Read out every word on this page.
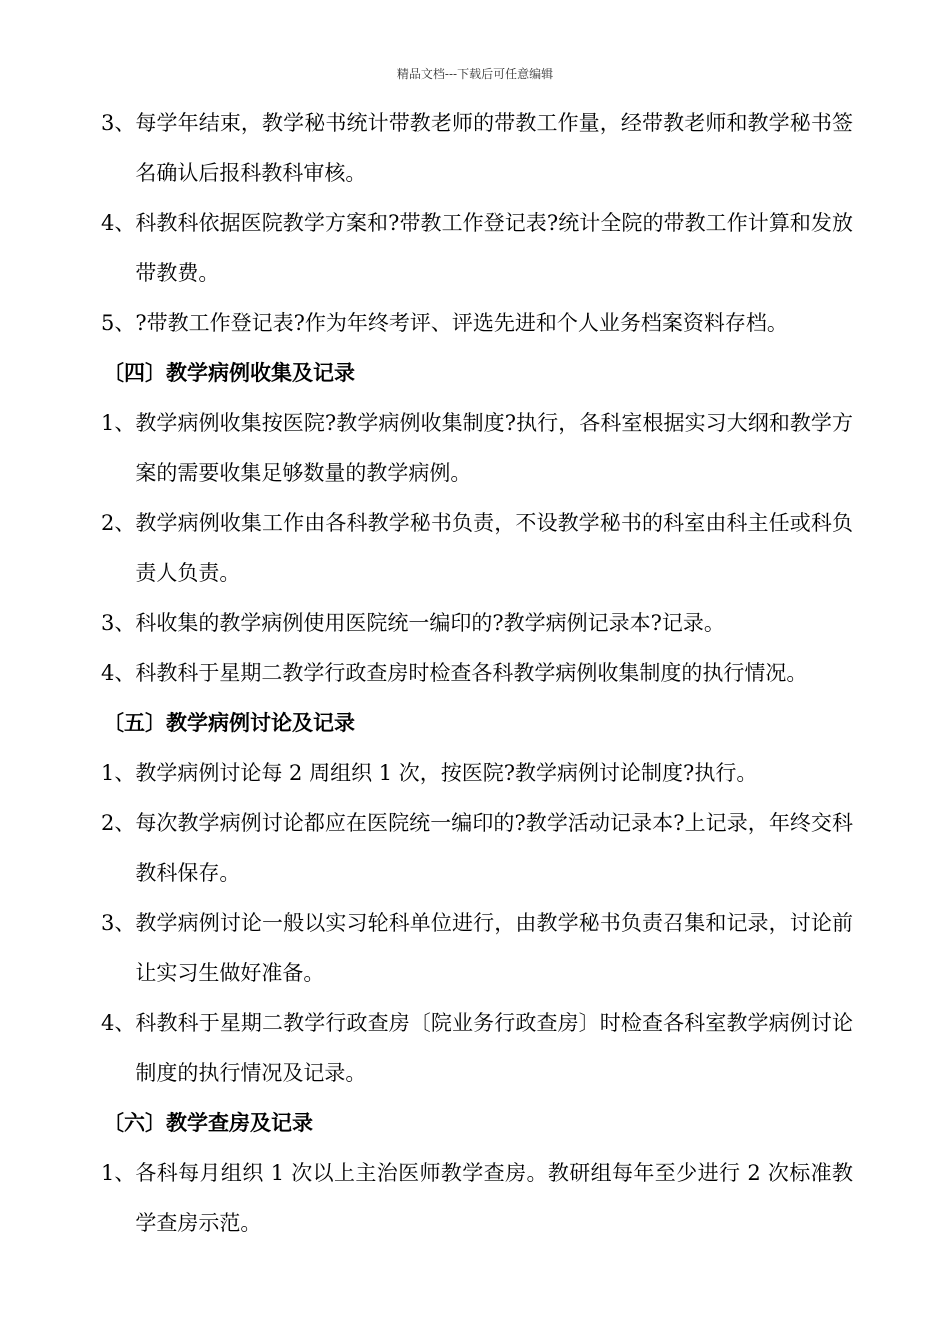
精品文档---下载后可任意编辑
3、 每学年结束，教学秘书统计带教老师的带教工作量，经带教老师和教学秘书签名确认后报科教科审核。
4、 科教科依据医院教学方案和?带教工作登记表?统计全院的带教工作计算和发放带教费。
5、 ?带教工作登记表?作为年终考评、评选先进和个人业务档案资料存档。
〔四〕教学病例收集及记录
1、 教学病例收集按医院?教学病例收集制度?执行，各科室根据实习大纲和教学方案的需要收集足够数量的教学病例。
2、 教学病例收集工作由各科教学秘书负责，不设教学秘书的科室由科主任或科负责人负责。
3、 科收集的教学病例使用医院统一编印的?教学病例记录本?记录。
4、 科教科于星期二教学行政查房时检查各科教学病例收集制度的执行情况。
〔五〕教学病例讨论及记录
1、 教学病例讨论每 2 周组织 1 次，按医院?教学病例讨论制度?执行。
2、 每次教学病例讨论都应在医院统一编印的?教学活动记录本?上记录，年终交科教科保存。
3、 教学病例讨论一般以实习轮科单位进行，由教学秘书负责召集和记录，讨论前让实习生做好准备。
4、 科教科于星期二教学行政查房〔院业务行政查房〕时检查各科室教学病例讨论制度的执行情况及记录。
〔六〕教学查房及记录
1、 各科每月组织 1 次以上主治医师教学查房。教研组每年至少进行 2 次标准教学查房示范。
